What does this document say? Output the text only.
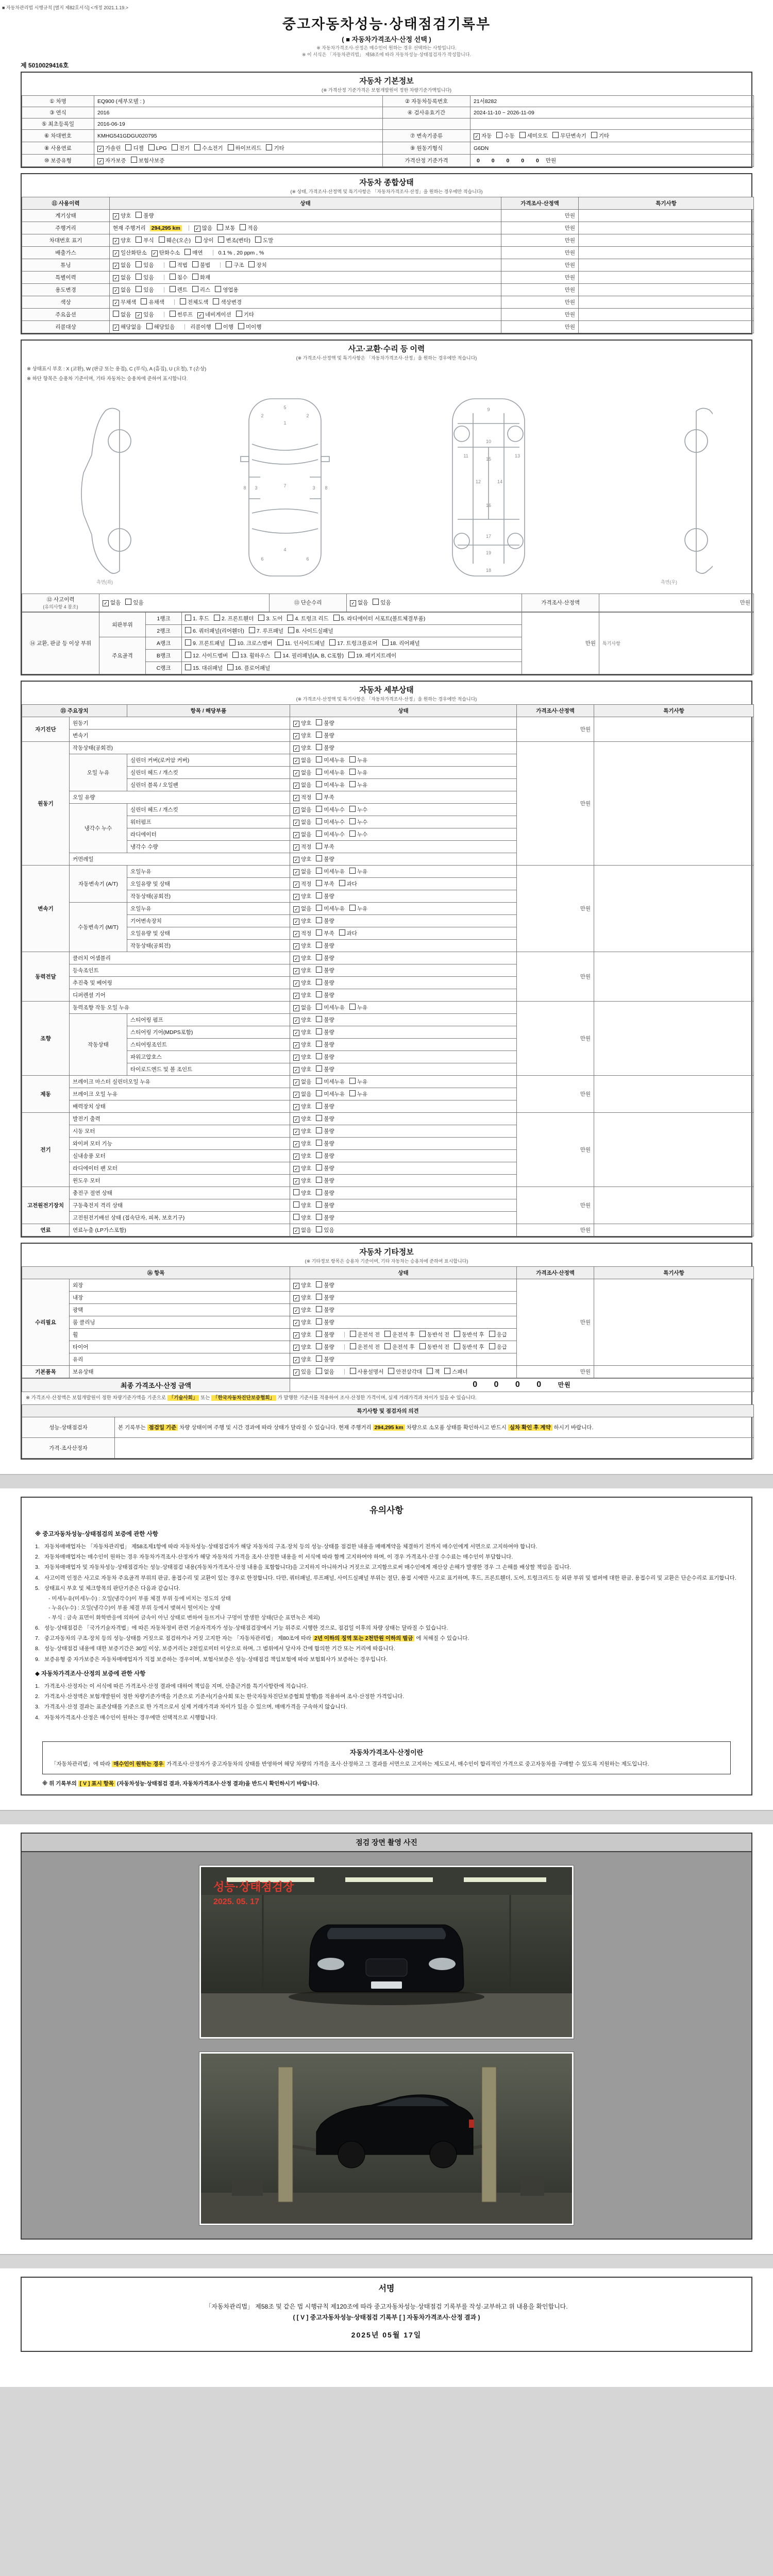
■ 자동차관리법 시행규칙 [별지 제82호서식] <개정 2021.1.19.>
중고자동차성능·상태점검기록부
( ■ 자동차가격조사·산정 선택 )
※ 자동차가격조사·산정은 매수인이 원하는 경우 선택하는 사항입니다.
※ 이 서식은 「자동차관리법」 제58조에 따라 자동차성능·상태점검자가 작성합니다.
제 5010029416호
자동차 기본정보
(※ 가격산정 기준가격은 보험개발원이 정한 차량기준가액입니다)
① 차명	EQ900 (세부모델 : )	② 자동차등록번호	21서8282
③ 연식	2016	④ 검사유효기간	2024-11-10 ~ 2026-11-09
⑤ 최초등록일	2016-06-19		
⑥ 차대번호	KMHG541GDGU020795	⑦ 변속기종류	✓ 자동 수동 세미오토 무단변속기 기타
⑧ 사용연료	✓ 가솔린 디젤 LPG 전기 수소전기 하이브리드 기타	⑨ 원동기형식	G6DN
⑩ 보증유형	✓ 자가보증 보험사보증	가격산정 기준가격	0 0 0 0 0 만원
자동차 종합상태
(※ 상태, 가격조사·산정액 및 특기사항은 「자동차가격조사·산정」을 원하는 경우에만 적습니다)
⑪ 사용이력	상태	가격조사·산정액	특기사항
계기상태	✓ 양호 불량	만원	
주행거리	현재 주행거리 294,295 km ✓ 많음 보통 적음	만원	
차대번호 표기	✓ 양호 부식 훼손(오손) 상이 변조(변타) 도말	만원	
배출가스	✓ 일산화탄소 ✓ 탄화수소 매연 0.1 % , 20 ppm , %	만원	
튜닝	✓ 없음 있음 적법 불법 구조 장치	만원	
특별이력	✓ 없음 있음 침수 화재	만원	
용도변경	✓ 없음 있음 렌트 리스 영업용	만원	
색상	✓ 무채색 유채색 전체도색 색상변경	만원	
주요옵션	없음 ✓ 있음 썬루프 ✓ 네비게이션 기타	만원	
리콜대상	✓ 해당없음 해당있음 리콜이행 이행 미이행	만원	
사고·교환·수리 등 이력
(※ 가격조사·산정액 및 특기사항은 「자동차가격조사·산정」을 원하는 경우에만 적습니다)
※ 상태표시 부호 : X (교환), W (판금 또는 용접), C (부식), A (흠집), U (요철), T (손상)
※ 하단 항목은 승용차 기준이며, 기타 자동차는 승용차에 준하여 표시합니다.
측면(좌)
1
2	2
3	3
4
5
6	6
7
8	8
9
10
11
12
13
14
15
16
17
18
19
측면(우)
⑫ 사고이력
(유의사항 4 참조)	✓ 없음 있음	⑬ 단순수리	✓ 없음 있음	가격조사·산정액	만원
⑭ 교환, 판금 등 이상 부위	외판부위	1랭크	1. 후드 2. 프론트휀더 3. 도어 4. 트렁크 리드 5. 라디에이터 서포트(볼트체결부품)	만원	특기사항
		2랭크	6. 쿼터패널(리어휀더) 7. 루프패널 8. 사이드실패널		
	주요골격	A랭크	9. 프론트패널 10. 크로스멤버 11. 인사이드패널 17. 트렁크플로어 18. 리어패널		
		B랭크	12. 사이드멤버 13. 휠하우스 14. 필러패널(A, B, C포함) 19. 패키지트레이		
		C랭크	15. 대쉬패널 16. 플로어패널		
자동차 세부상태
(※ 가격조사·산정액 및 특기사항은 「자동차가격조사·산정」을 원하는 경우에만 적습니다)
⑮ 주요장치		항목 / 해당부품	상태	가격조사·산정액	특기사항
자기진단	원동기		✓ 양호 불량	만원	
	변속기		✓ 양호 불량		
원동기	작동상태(공회전)		✓ 양호 불량	만원	
	오일 누유	실린더 커버(로커암 커버)	✓ 없음 미세누유 누유		
		실린더 헤드 / 개스킷	✓ 없음 미세누유 누유		
		실린더 블록 / 오일팬	✓ 없음 미세누유 누유		
	오일 유량		✓ 적정 부족		
	냉각수 누수	실린더 헤드 / 개스킷	✓ 없음 미세누수 누수		
		워터펌프	✓ 없음 미세누수 누수		
		라디에이터	✓ 없음 미세누수 누수		
		냉각수 수량	✓ 적정 부족		
	커먼레일		✓ 양호 불량		
변속기	자동변속기 (A/T)	오일누유	✓ 없음 미세누유 누유	만원	
		오일유량 및 상태	✓ 적정 부족 과다		
		작동상태(공회전)	✓ 양호 불량		
	수동변속기 (M/T)	오일누유	✓ 없음 미세누유 누유		
		기어변속장치	✓ 양호 불량		
		오일유량 및 상태	✓ 적정 부족 과다		
		작동상태(공회전)	✓ 양호 불량		
동력전달	클러치 어셈블리		✓ 양호 불량	만원	
	등속조인트		✓ 양호 불량		
	추진축 및 베어링		✓ 양호 불량		
	디퍼렌셜 기어		✓ 양호 불량		
조향	동력조향 작동 오일 누유		✓ 없음 미세누유 누유	만원	
	작동상태	스티어링 펌프	✓ 양호 불량		
		스티어링 기어(MDPS포함)	✓ 양호 불량		
		스티어링조인트	✓ 양호 불량		
		파워고압호스	✓ 양호 불량		
		타이로드엔드 및 볼 조인트	✓ 양호 불량		
제동	브레이크 마스터 실린더오일 누유		✓ 없음 미세누유 누유	만원	
	브레이크 오일 누유		✓ 없음 미세누유 누유		
	배력장치 상태		✓ 양호 불량		
전기	발전기 출력		✓ 양호 불량	만원	
	시동 모터		✓ 양호 불량		
	와이퍼 모터 기능		✓ 양호 불량		
	실내송풍 모터		✓ 양호 불량		
	라디에이터 팬 모터		✓ 양호 불량		
	윈도우 모터		✓ 양호 불량		
고전원전기장치	충전구 절연 상태		양호 불량	만원	
	구동축전지 격리 상태		양호 불량		
	고전원전기배선 상태 (접속단자, 피복, 보호기구)		양호 불량		
연료	연료누출 (LP가스포함)		✓ 없음 있음	만원	
자동차 기타정보
(※ 기타정보 항목은 승용차 기준이며, 기타 자동차는 승용차에 준하여 표시합니다)
⑯ 항목		상태	가격조사·산정액	특기사항
수리필요	외장	✓ 양호 불량	만원	
	내장	✓ 양호 불량		
	광택	✓ 양호 불량		
	룸 클리닝	✓ 양호 불량		
	휠	✓ 양호 불량 운전석 전 운전석 후 동반석 전 동반석 후 응급		
	타이어	✓ 양호 불량 운전석 전 운전석 후 동반석 전 동반석 후 응급		
	유리	✓ 양호 불량		
기본품목	보유상태	✓ 있음 없음 사용설명서 안전삼각대 잭 스패너	만원	
최종 가격조사·산정 금액	0 0 0 0 만원
※ 가격조사·산정액은 보험개발원이 정한 차량기준가액을 기준으로 「기술사회」 또는 「한국자동차진단보증협회」 가 발행한 기준서를 적용하여 조사·산정한 가격이며, 실제 거래가격과 차이가 있을 수 있습니다.
특기사항 및 점검자의 의견	
성능·상태점검자	본 기록부는 점검일 기준 차량 상태이며 주행 및 시간 경과에 따라 상태가 달라질 수 있습니다. 현재 주행거리 294,295 km 차량으로 소모품 상태를 확인하시고 반드시 실차 확인 후 계약 하시기 바랍니다.
가격·조사산정자	
유의사항
※ 중고자동차성능·상태점검의 보증에 관한 사항
1. 자동차매매업자는 「자동차관리법」 제58조제1항에 따라 자동차성능·상태점검자가 해당 자동차의 구조·장치 등의 성능·상태를 점검한 내용을 매매계약을 체결하기 전까지 매수인에게 서면으로 고지하여야 합니다.
2. 자동차매매업자는 매수인이 원하는 경우 자동차가격조사·산정자가 해당 자동차의 가격을 조사·산정한 내용을 이 서식에 따라 함께 고지하여야 하며, 이 경우 가격조사·산정 수수료는 매수인이 부담합니다.
3. 자동차매매업자 및 자동차성능·상태점검자는 성능·상태점검 내용(자동차가격조사·산정 내용을 포함합니다)을 고지하지 아니하거나 거짓으로 고지함으로써 매수인에게 재산상 손해가 발생한 경우 그 손해를 배상할 책임을 집니다.
4. 사고이력 인정은 사고로 자동차 주요골격 부위의 판금, 용접수리 및 교환이 있는 경우로 한정합니다. 다만, 쿼터패널, 루프패널, 사이드실패널 부위는 절단, 용접 시에만 사고로 표기하며, 후드, 프론트휀더, 도어, 트렁크리드 등 외판 부위 및 범퍼에 대한 판금, 용접수리 및 교환은 단순수리로 표기합니다.
5. 상태표시 부호 및 체크항목의 판단기준은 다음과 같습니다.
- 미세누유(미세누수) : 오일(냉각수)이 부품 체결 부위 등에 비치는 정도의 상태
- 누유(누수) : 오일(냉각수)이 부품 체결 부위 등에서 맺혀서 떨어지는 상태
- 부식 : 금속 표면이 화학반응에 의하여 금속이 아닌 상태로 변하여 들뜨거나 구멍이 발생한 상태(단순 표면녹은 제외)
6. 성능·상태점검은 「국가기술자격법」에 따른 자동차정비 관련 기술자격자가 성능·상태점검장에서 기능 위주로 시행한 것으로, 점검일 이후의 차량 상태는 달라질 수 있습니다.
7. 중고자동차의 구조·장치 등의 성능·상태를 거짓으로 점검하거나 거짓 고지한 자는 「자동차관리법」 제80조에 따라 2년 이하의 징역 또는 2천만원 이하의 벌금 에 처해질 수 있습니다.
8. 성능·상태점검 내용에 대한 보증기간은 30일 이상, 보증거리는 2천킬로미터 이상으로 하며, 그 범위에서 당사자 간에 합의한 기간 또는 거리에 따릅니다.
9. 보증유형 중 자가보증은 자동차매매업자가 직접 보증하는 경우이며, 보험사보증은 성능·상태점검 책임보험에 따라 보험회사가 보증하는 경우입니다.
◆ 자동차가격조사·산정의 보증에 관한 사항
1. 가격조사·산정자는 이 서식에 따른 가격조사·산정 결과에 대하여 책임을 지며, 산출근거를 특기사항란에 적습니다.
2. 가격조사·산정액은 보험개발원이 정한 차량기준가액을 기준으로 기준서(기술사회 또는 한국자동차진단보증협회 발행)를 적용하여 조사·산정한 가격입니다.
3. 가격조사·산정 결과는 표준상태를 기준으로 한 가격으로서 실제 거래가격과 차이가 있을 수 있으며, 매매가격을 구속하지 않습니다.
4. 자동차가격조사·산정은 매수인이 원하는 경우에만 선택적으로 시행합니다.
자동차가격조사·산정이란
「자동차관리법」에 따라 매수인이 원하는 경우 가격조사·산정자가 중고자동차의 상태를 반영하여 해당 차량의 가격을 조사·산정하고 그 결과를 서면으로 고지하는 제도로서, 매수인이 합리적인 가격으로 중고자동차를 구매할 수 있도록 지원하는 제도입니다.
※ 위 기록부의 [ V ] 표시 항목 (자동차성능·상태점검 결과, 자동차가격조사·산정 결과)을 반드시 확인하시기 바랍니다.
점검 장면 촬영 사진
성능·상태점검장
2025. 05. 17
서명
「자동차관리법」 제58조 및 같은 법 시행규칙 제120조에 따라 중고자동차성능·상태점검 기록부를 작성·교부하고 위 내용을 확인합니다.
( [ V ] 중고자동차성능·상태점검 기록부 [ ] 자동차가격조사·산정 결과 )
2025년 05월 17일
